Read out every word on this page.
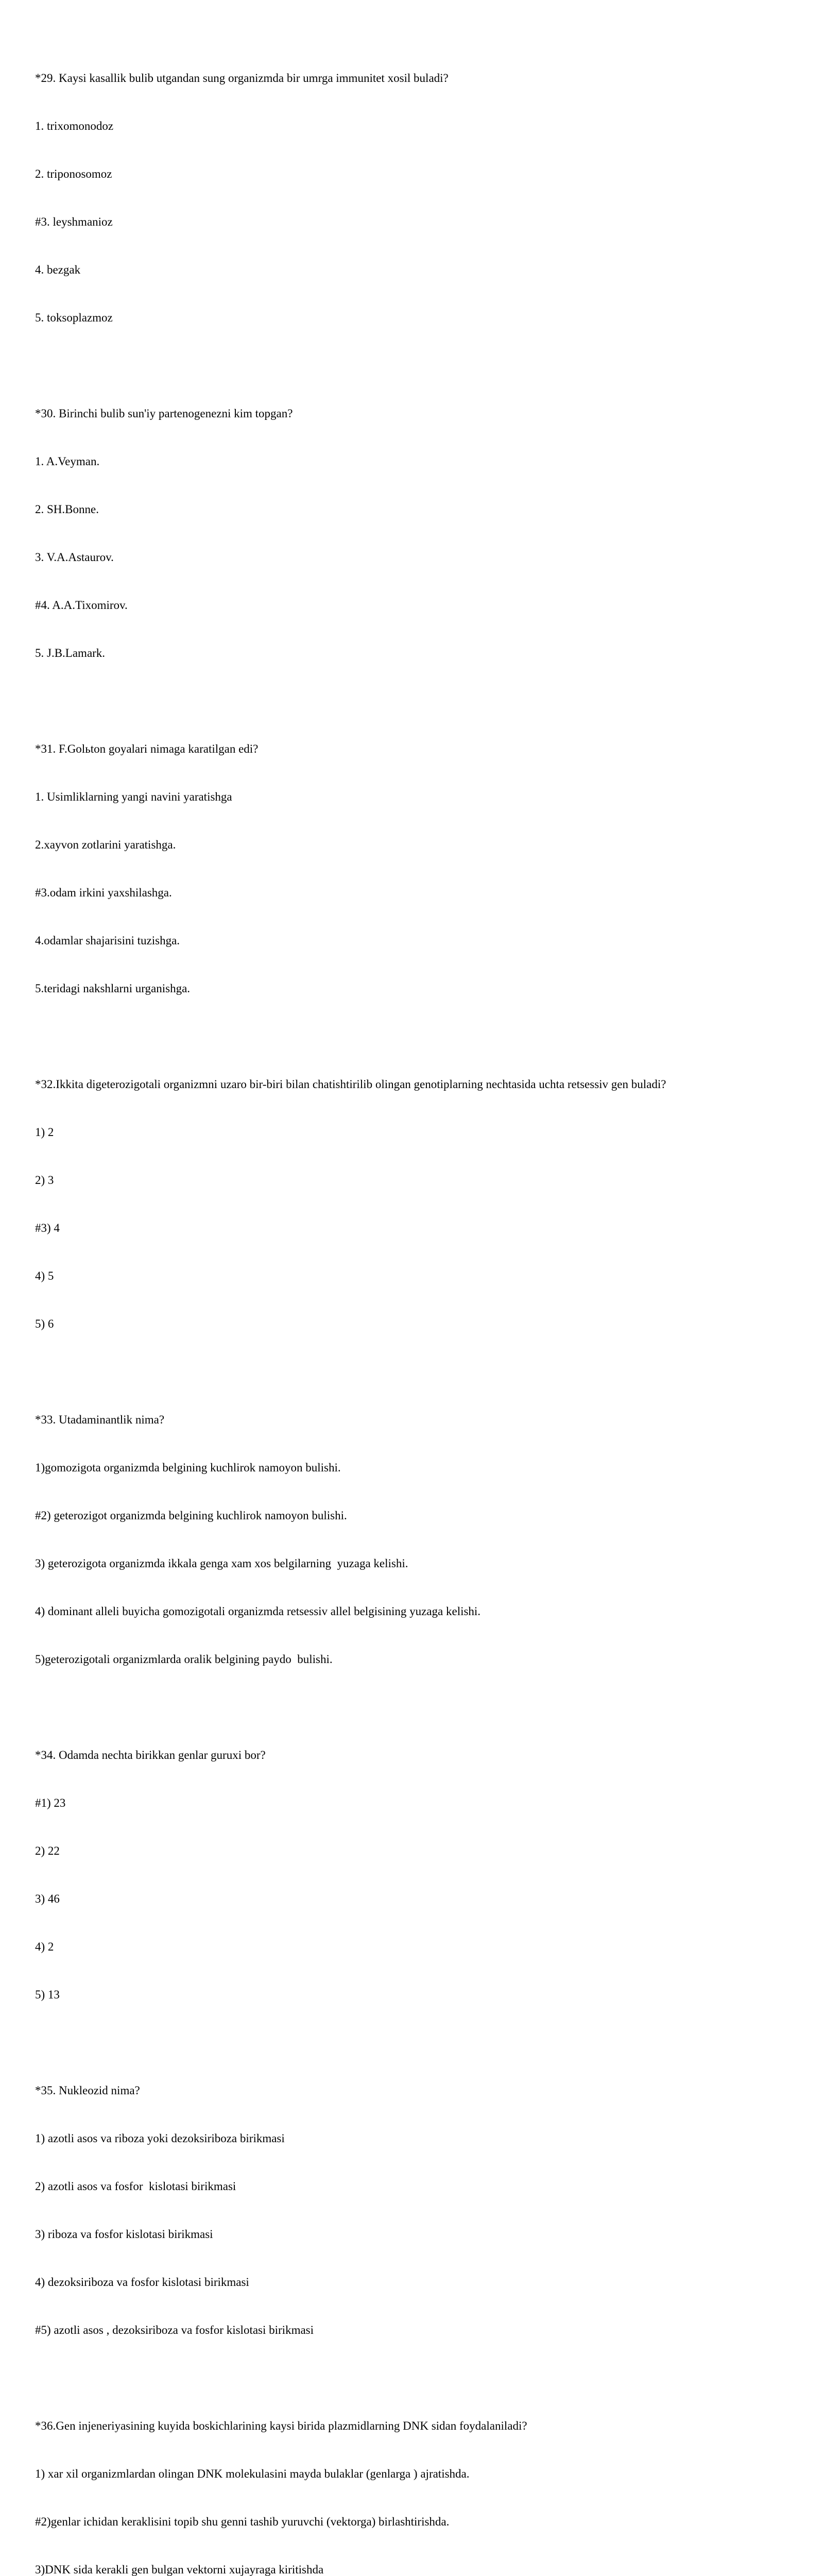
*29. Kaysi kasallik bulib utgandan sung organizmda bir umrga immunitet xosil buladi?

1. trixomonodoz

2. triponosomoz

#3. leyshmanioz

4. bezgak

5. toksoplazmoz

*30. Birinchi bulib sun'iy partenogenezni kim topgan?

1. A.Veyman.

2. SH.Bonne.

3. V.A.Astaurov.

#4. A.A.Tixomirov.

5. J.B.Lamark.

*31. F.Golьton goyalari nimaga karatilgan edi?

1. Usimliklarning yangi navini yaratishga

2.xayvon zotlarini yaratishga.

#3.odam irkini yaxshilashga.

4.odamlar shajarisini tuzishga.

5.teridagi nakshlarni urganishga.

*32.Ikkita digeterozigotali organizmni uzaro bir-biri bilan chatishtirilib olingan genotiplarning nechtasida uchta retsessiv gen buladi?

1) 2

2) 3

#3) 4

4) 5

5) 6

*33. Utadaminantlik nima?

1)gomozigota organizmda belgining kuchlirok namoyon bulishi.

#2) geterozigot organizmda belgining kuchlirok namoyon bulishi.

3) geterozigota organizmda ikkala genga xam xos belgilarning  yuzaga kelishi.

4) dominant alleli buyicha gomozigotali organizmda retsessiv allel belgisining yuzaga kelishi.

5)geterozigotali organizmlarda oralik belgining paydo  bulishi.

*34. Odamda nechta birikkan genlar guruxi bor?

#1) 23

2) 22

3) 46

4) 2

5) 13

*35. Nukleozid nima?

1) azotli asos va riboza yoki dezoksiriboza birikmasi

2) azotli asos va fosfor  kislotasi birikmasi

3) riboza va fosfor kislotasi birikmasi

4) dezoksiriboza va fosfor kislotasi birikmasi

#5) azotli asos , dezoksiriboza va fosfor kislotasi birikmasi

*36.Gen injeneriyasining kuyida boskichlarining kaysi birida plazmidlarning DNK sidan foydalaniladi?

1) xar xil organizmlardan olingan DNK molekulasini mayda bulaklar (genlarga ) ajratishda.

#2)genlar ichidan keraklisini topib shu genni tashib yuruvchi (vektorga) birlashtirishda.

3)DNK sida kerakli gen bulgan vektorni xujayraga kiritishda
